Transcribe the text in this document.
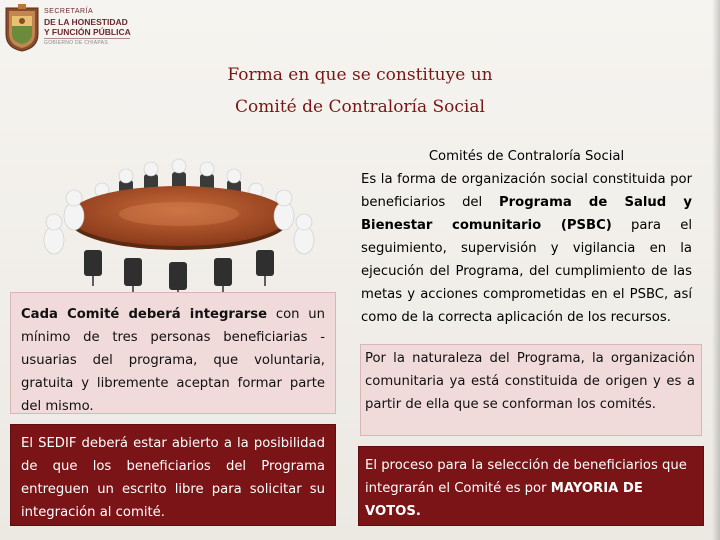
SECRETARÍA
DE LA HONESTIDAD
Y FUNCIÓN PÚBLICA
GOBIERNO DE CHIAPAS
Forma en que se constituye un
Comité de Contraloría Social
Cada Comité deberá integrarse con un mínimo de tres personas beneficiarias - usuarias del programa, que voluntaria, gratuita y libremente aceptan formar parte del mismo.
El SEDIF deberá estar abierto a la posibilidad de que los beneficiarios del Programa entreguen un escrito libre para solicitar su integración al comité.
Comités de Contraloría Social
Es la forma de organización social constituida por beneficiarios del Programa de Salud y Bienestar comunitario (PSBC) para el seguimiento, supervisión y vigilancia en la ejecución del Programa, del cumplimiento de las metas y acciones comprometidas en el PSBC, así como de la correcta aplicación de los recursos.
Por la naturaleza del Programa, la organización comunitaria ya está constituida de origen y es a partir de ella que se conforman los comités.
El proceso para la selección de beneficiarios que integrarán el Comité es por MAYORIA DE VOTOS.
